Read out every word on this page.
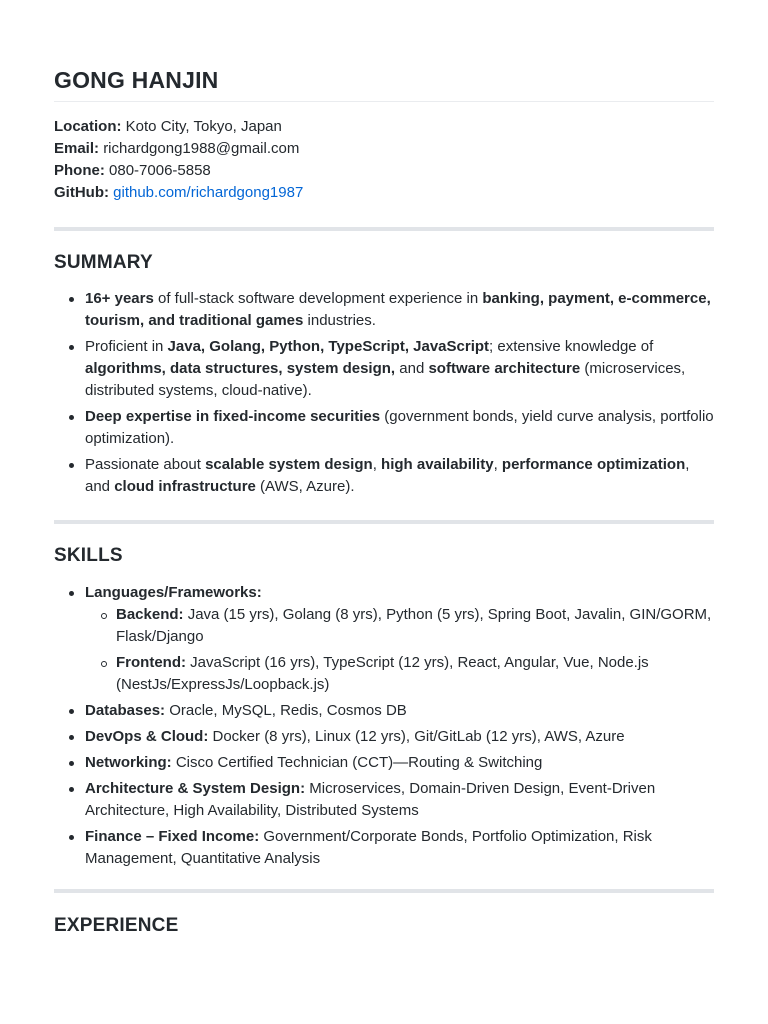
GONG HANJIN
Location: Koto City, Tokyo, Japan
Email: richardgong1988@gmail.com
Phone: 080-7006-5858
GitHub: github.com/richardgong1987
SUMMARY
16+ years of full-stack software development experience in banking, payment, e-commerce, tourism, and traditional games industries.
Proficient in Java, Golang, Python, TypeScript, JavaScript; extensive knowledge of algorithms, data structures, system design, and software architecture (microservices, distributed systems, cloud-native).
Deep expertise in fixed-income securities (government bonds, yield curve analysis, portfolio optimization).
Passionate about scalable system design, high availability, performance optimization, and cloud infrastructure (AWS, Azure).
SKILLS
Languages/Frameworks:
Backend: Java (15 yrs), Golang (8 yrs), Python (5 yrs), Spring Boot, Javalin, GIN/GORM, Flask/Django
Frontend: JavaScript (16 yrs), TypeScript (12 yrs), React, Angular, Vue, Node.js (NestJs/ExpressJs/Loopback.js)
Databases: Oracle, MySQL, Redis, Cosmos DB
DevOps & Cloud: Docker (8 yrs), Linux (12 yrs), Git/GitLab (12 yrs), AWS, Azure
Networking: Cisco Certified Technician (CCT)—Routing & Switching
Architecture & System Design: Microservices, Domain-Driven Design, Event-Driven Architecture, High Availability, Distributed Systems
Finance – Fixed Income: Government/Corporate Bonds, Portfolio Optimization, Risk Management, Quantitative Analysis
EXPERIENCE
